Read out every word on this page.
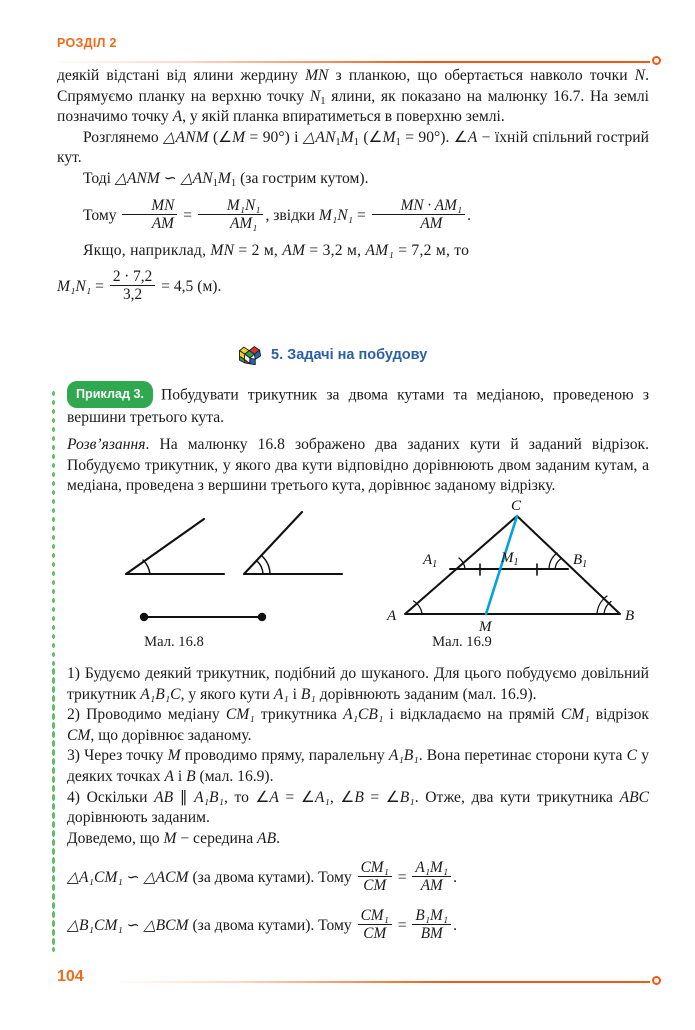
РОЗДІЛ 2

деякій відстані від ялини жердину MN з планкою, що обертається навколо точки N. Спрямуємо планку на верхню точку $N_1$ ялини, як показано на малюнку 16.7. На землі позначимо точку A, у якій планка впиратиметься в поверхню землі.

Розглянемо △ANM (∠M = 90°) і $\triangle AN_1M_1$ $(\angle M_1 = 90^\circ)$. ∠A − їхній спільний гострий кут.

Тоді △ANM ∽ $\triangle AN_1M_1$ (за гострим кутом).

Тому $\frac{MN}{AM} = \frac{\text{M₁N₁}}{\text{AM₁}}$ , звідки $M_1N_1 = \frac{\text{MN · AM₁}}{AM}$ .

Якщо, наприклад, MN = 2 м, AM = 3,2 м, AM₁ = 7,2 м, то

$M_1N_1 = \frac{2 \cdot 7,2}{3,2} = 4,5$ (м).
5. Задачі на побудову

Приклад 3. Побудувати трикутник за двома кутами та медіаною, проведеною з вершини третього кута.

Розв’язання. На малюнку 16.8 зображено два заданих кути й заданий відрізок. Побудуємо трикутник, у якого два кути відповідно дорівнюють двом заданим кутам, а медіана, проведена з вершини третього кута, дорівнює заданому відрізку.

C
A	B
M
$A_1$	$B_1$
$M_1$
Мал. 16.8	Мал. 16.9

1) Будуємо деякий трикутник, подібний до шуканого. Для цього побудуємо довільний трикутник A₁B₁C, у якого кути A₁ і B₁ дорівнюють заданим (мал. 16.9).

2) Проводимо медіану CM₁ трикутника A₁CB₁ і відкладаємо на прямій CM₁ відрізок CM, що дорівнює заданому.

3) Через точку M проводимо пряму, паралельну A₁B₁. Вона перетинає сторони кута C у деяких точках A і B (мал. 16.9).

4) Оскільки AB ∥ A₁B₁, то ∠A = ∠A₁, ∠B = ∠B₁. Отже, два кути трикутника ABC дорівнюють заданим.

Доведемо, що M − середина AB.

△A₁CM₁ ∽ △ACM (за двома кутами). Тому $\frac{\text{CM₁}}{CM} = \frac{\text{A₁M₁}}{AM}$ .
△B₁CM₁ ∽ △BCM (за двома кутами). Тому $\frac{\text{CM₁}}{CM} = \frac{\text{B₁M₁}}{BM}$ .
104
